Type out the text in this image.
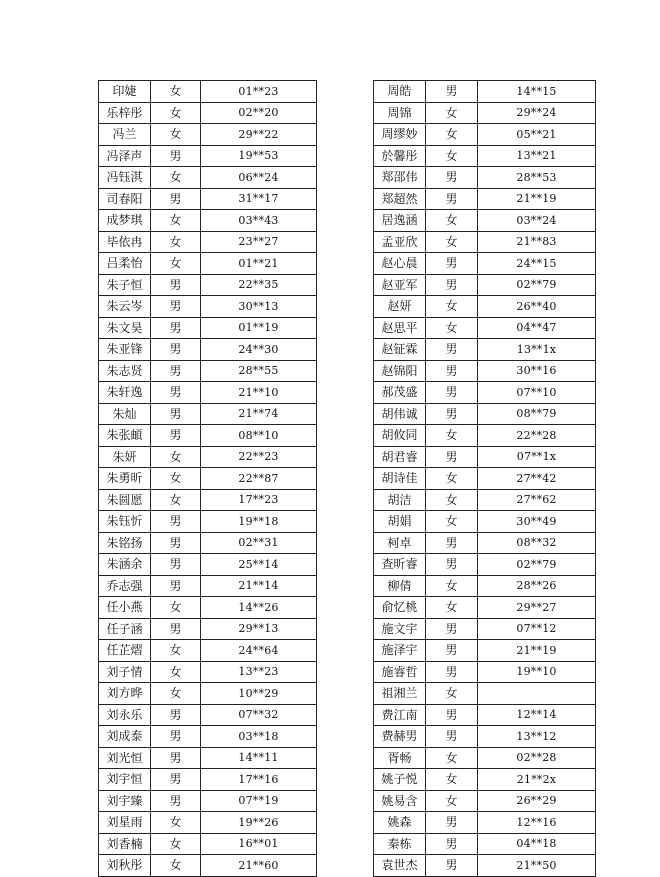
印婕	女	01**23
乐梓彤	女	02**20
冯兰	女	29**22
冯泽声	男	19**53
冯钰淇	女	06**24
司春阳	男	31**17
成梦琪	女	03**43
毕依冉	女	23**27
吕柔怡	女	01**21
朱子恒	男	22**35
朱云岑	男	30**13
朱文昊	男	01**19
朱亚锋	男	24**30
朱志贤	男	28**55
朱轩逸	男	21**10
朱灿	男	21**74
朱张頔	男	08**10
朱妍	女	22**23
朱勇昕	女	22**87
朱圆愿	女	17**23
朱钰忻	男	19**18
朱铭扬	男	02**31
朱涵余	男	25**14
乔志强	男	21**14
任小燕	女	14**26
任子涵	男	29**13
任芷熠	女	24**64
刘子情	女	13**23
刘方晔	女	10**29
刘永乐	男	07**32
刘成泰	男	03**18
刘光恒	男	14**11
刘宇恒	男	17**16
刘宇臻	男	07**19
刘星雨	女	19**26
刘香楠	女	16**01
刘秋彤	女	21**60
周皓	男	14**15
周锦	女	29**24
周缪妙	女	05**21
於馨彤	女	13**21
郑邵伟	男	28**53
郑超然	男	21**19
居逸涵	女	03**24
孟亚欣	女	21**83
赵心晨	男	24**15
赵亚军	男	02**79
赵妍	女	26**40
赵思平	女	04**47
赵钲霖	男	13**1x
赵锦阳	男	30**16
郝茂盛	男	07**10
胡伟诚	男	08**79
胡攸同	女	22**28
胡君睿	男	07**1x
胡诗佳	女	27**42
胡洁	女	27**62
胡娟	女	30**49
柯卓	男	08**32
查昕睿	男	02**79
柳倩	女	28**26
俞忆桃	女	29**27
施文宇	男	07**12
施泽宇	男	21**19
施睿哲	男	19**10
祖湘兰	女	
费江南	男	12**14
费赫男	男	13**12
胥畅	女	02**28
姚子悦	女	21**2x
姚易含	女	26**29
姚森	男	12**16
秦栋	男	04**18
袁世杰	男	21**50
